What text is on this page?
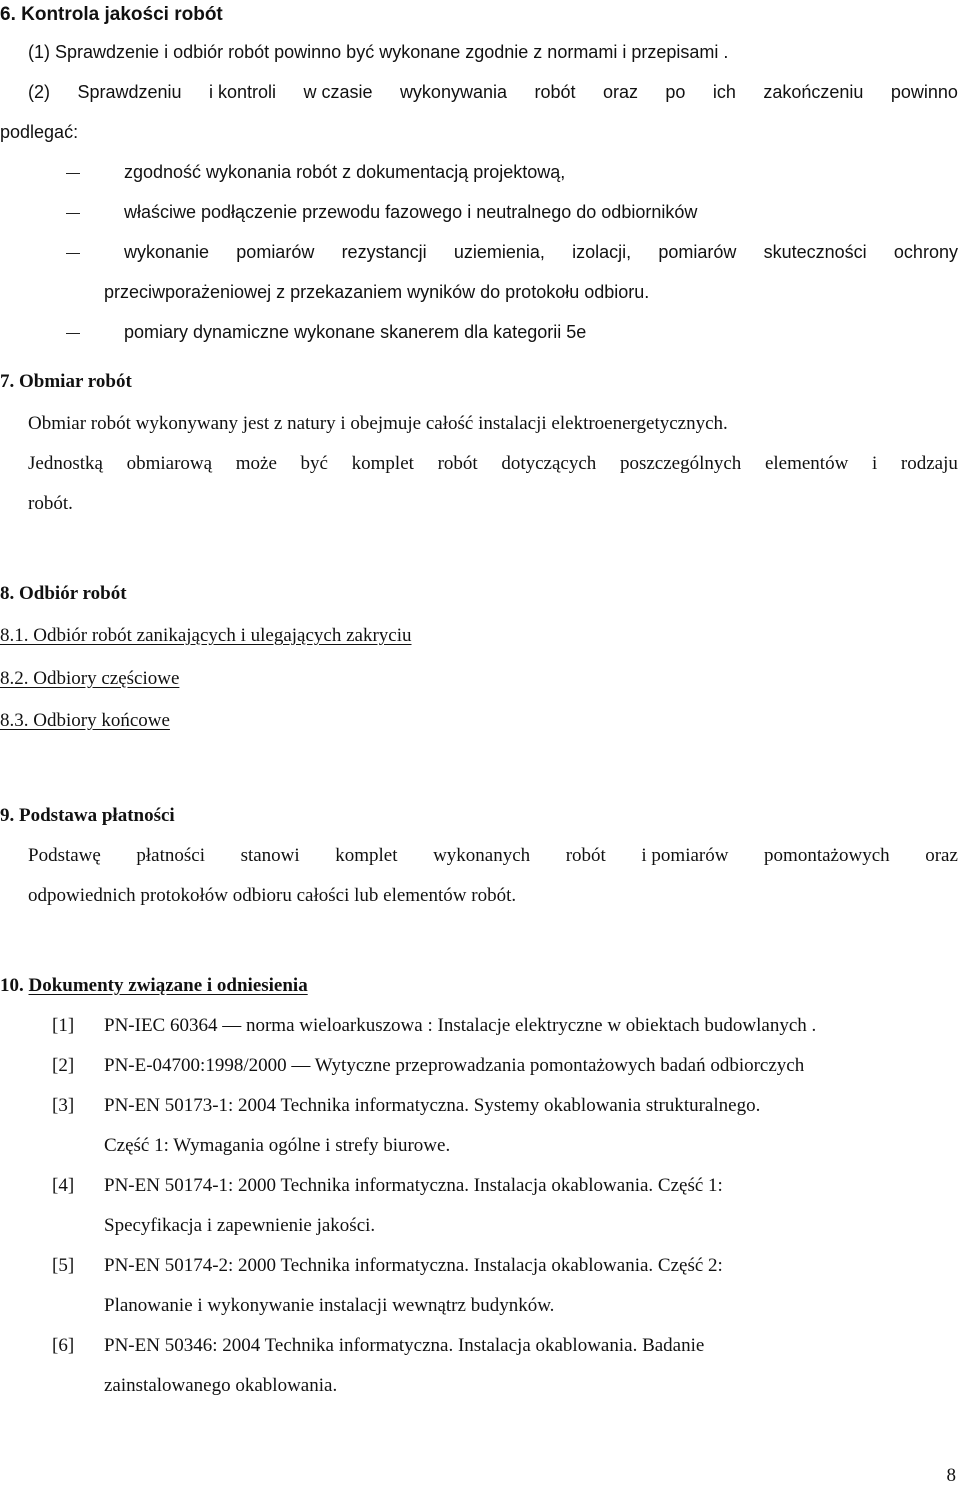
6. Kontrola jakości robót
(1) Sprawdzenie i odbiór robót powinno być wykonane zgodnie z normami i przepisami .
(2) Sprawdzeniu i kontroli w czasie wykonywania robót oraz po ich zakończeniu powinno
podlegać:
zgodność wykonania robót z dokumentacją projektową,
właściwe podłączenie przewodu fazowego i neutralnego do odbiorników
wykonanie pomiarów rezystancji uziemienia, izolacji, pomiarów skuteczności ochrony
przeciwporażeniowej z przekazaniem wyników do protokołu odbioru.
pomiary dynamiczne wykonane skanerem dla kategorii 5e
7. Obmiar robót
Obmiar robót wykonywany jest z natury i obejmuje całość instalacji elektroenergetycznych.
Jednostką obmiarową może być komplet robót dotyczących poszczególnych elementów i rodzaju
robót.
8. Odbiór robót
8.1. Odbiór robót zanikających i ulegających zakryciu
8.2. Odbiory częściowe
8.3. Odbiory końcowe
9. Podstawa płatności
Podstawę płatności stanowi komplet wykonanych robót i pomiarów pomontażowych oraz
odpowiednich protokołów odbioru całości lub elementów robót.
10. Dokumenty związane i odniesienia
[1] PN-IEC 60364 — norma wieloarkuszowa : Instalacje elektryczne w obiektach budowlanych .
[2] PN-E-04700:1998/2000 — Wytyczne przeprowadzania pomontażowych badań odbiorczych
[3] PN-EN 50173-1: 2004 Technika informatyczna. Systemy okablowania strukturalnego.
Część 1: Wymagania ogólne i strefy biurowe.
[4] PN-EN 50174-1: 2000 Technika informatyczna. Instalacja okablowania. Część 1:
Specyfikacja i zapewnienie jakości.
[5] PN-EN 50174-2: 2000 Technika informatyczna. Instalacja okablowania. Część 2:
Planowanie i wykonywanie instalacji wewnątrz budynków.
[6] PN-EN 50346: 2004 Technika informatyczna. Instalacja okablowania. Badanie
zainstalowanego okablowania.
8
